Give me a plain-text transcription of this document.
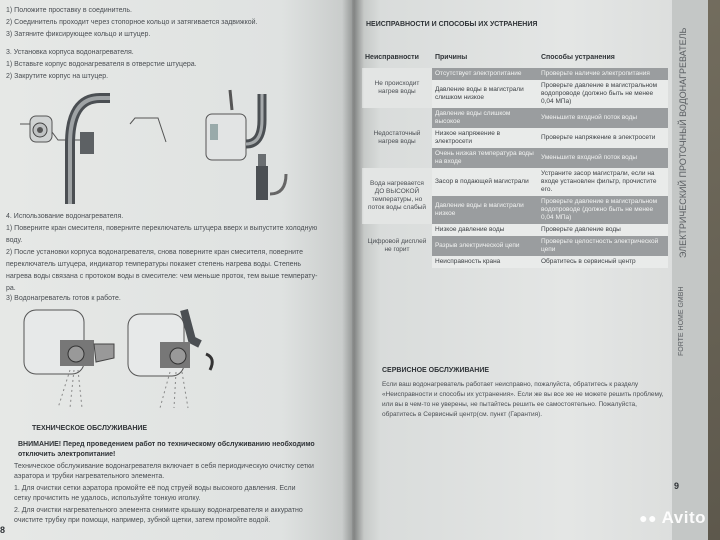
1) Положите проставку в соединитель.
2) Соединитель проходит через стопорное кольцо и затягивается задвижкой.
3) Затяните фиксирующее кольцо и штуцер.
3. Установка корпуса водонагревателя.
1) Вставьте корпус водонагревателя в отверстие штуцера.
2) Закрутите корпус на штуцер.
4. Использование водонагревателя.
1) Поверните кран смесителя, поверните переключатель штуцера вверх и выпустите холодную
воду.
2) После установки корпуса водонагревателя, снова поверните кран смесителя, поверните
переключатель штуцера, индикатор температуры покажет степень нагрева воды. Степень
нагрева воды связана с протоком воды в смесителе: чем меньше проток, тем выше температу-
ра.
3) Водонагреватель готов к работе.
ТЕХНИЧЕСКОЕ ОБСЛУЖИВАНИЕ
ВНИМАНИЕ! Перед проведением работ по техническому обслуживанию необходимо
отключить электропитание!
Техническое обслуживание водонагревателя включает в себя периодическую очистку сетки
аэратора и трубки нагревательного элемента.
1. Для очистки сетки аэратора промойте её под струей воды высокого давления. Если
сетку прочистить не удалось, используйте тонкую иголку.
2. Для очистки нагревательного элемента снимите крышку водонагревателя и аккуратно
очистите трубку при помощи, например, зубной щетки, затем промойте водой.
8
НЕИСПРАВНОСТИ И СПОСОБЫ ИХ УСТРАНЕНИЯ
Неисправности	Причины	Способы устранения
Не происходит нагрев воды	Отсутствует электропитание	Проверьте наличие электропитания
	Давление воды в магистрали слишком низкое	Проверьте давление в магистральном водопроводе (должно быть не менее 0,04 МПа)
Недостаточный нагрев воды	Давление воды слишком высокое	Уменьшите входной поток воды
	Низкое напряжение в электросети	Проверьте напряжение в электросети
	Очень низкая температура воды на входе	Уменьшите входной поток воды
Вода нагревается ДО ВЫСОКОЙ температуры, но поток воды слабый	Засор в подающей магистрали	Устраните засор магистрали, если на входе установлен фильтр, прочистите его.
	Давление воды в магистрали низкое	Проверьте давление в магистральном водопроводе (должно быть не менее 0,04 МПа)
Цифровой дисплей не горит	Низкое давление воды	Проверьте давление воды
	Разрыв электрической цепи	Проверьте целостность электрической цепи
	Неисправность крана	Обратитесь в сервисный центр
СЕРВИСНОЕ ОБСЛУЖИВАНИЕ
Если ваш водонагреватель работает неисправно, пожалуйста, обратитесь к разделу
«Неисправности и способы их устранения». Если же вы все же не можете решить проблему,
или вы в чем-то не уверены, не пытайтесь решить ее самостоятельно. Пожалуйста,
обратитесь в Сервисный центр(см. пункт (Гарантия).
ЭЛЕКТРИЧЕСКИЙ ПРОТОЧНЫЙ ВОДОНАГРЕВАТЕЛЬ
FORTE HOME GMBH
9
●● Avito
